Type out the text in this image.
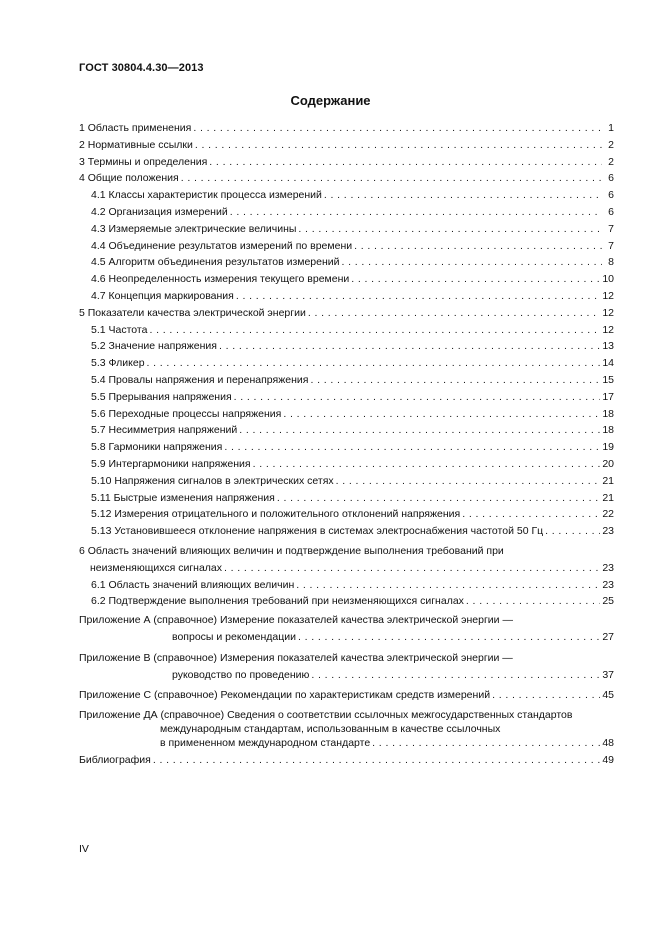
ГОСТ 30804.4.30—2013
Содержание
1 Область применения . . .	1
2 Нормативные ссылки . . .	2
3 Термины и определения . . .	2
4 Общие положения . . .	6
4.1 Классы характеристик процесса измерений . . .	6
4.2 Организация измерений . . .	6
4.3 Измеряемые электрические величины . . .	7
4.4 Объединение результатов измерений по времени . . .	7
4.5 Алгоритм объединения результатов измерений . . .	8
4.6 Неопределенность измерения текущего времени . . .	10
4.7 Концепция маркирования . . .	12
5 Показатели качества электрической энергии . . .	12
5.1 Частота . . .	12
5.2 Значение напряжения . . .	13
5.3 Фликер . . .	14
5.4 Провалы напряжения и перенапряжения . . .	15
5.5 Прерывания напряжения . . .	17
5.6 Переходные процессы напряжения . . .	18
5.7 Несимметрия напряжений . . .	18
5.8 Гармоники напряжения . . .	19
5.9 Интергармоники напряжения . . .	20
5.10 Напряжения сигналов в электрических сетях . . .	21
5.11 Быстрые изменения напряжения . . .	21
5.12 Измерения отрицательного и положительного отклонений напряжения . . .	22
5.13 Установившееся отклонение напряжения в системах электроснабжения частотой 50 Гц . . .	23
6 Область значений влияющих величин и подтверждение выполнения требований при
неизменяющихся сигналах . . .	23
6.1 Область значений влияющих величин . . .	23
6.2 Подтверждение выполнения требований при неизменяющихся сигналах . . .	25
Приложение А (справочное) Измерение показателей качества электрической энергии —
вопросы и рекомендации . . .	27
Приложение В (справочное) Измерения показателей качества электрической энергии —
руководство по проведению . . .	37
Приложение С (справочное) Рекомендации по характеристикам средств измерений . . .	45
Приложение ДА (справочное) Сведения о соответствии ссылочных межгосударственных стандартов
международным стандартам, использованным в качестве ссылочных
в примененном международном стандарте . . .	48
Библиография . . .	49
IV
